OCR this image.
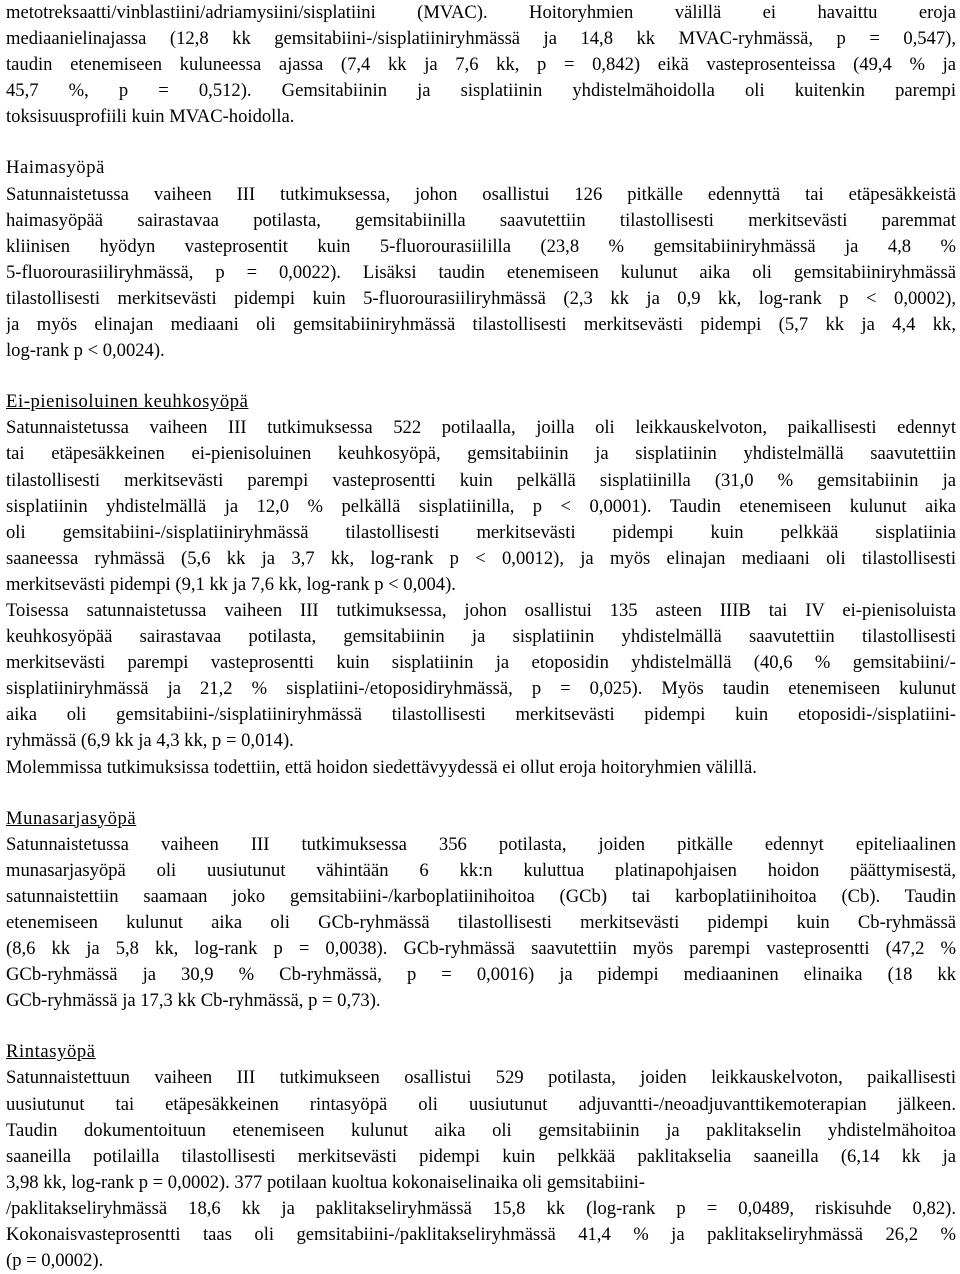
metotreksaatti/vinblastiini/adriamysiini/sisplatiini (MVAC). Hoitoryhmien välillä ei havaittu eroja
mediaanielinajassa (12,8 kk gemsitabiini-/sisplatiiniryhmässä ja 14,8 kk MVAC-ryhmässä, p = 0,547),
taudin etenemiseen kuluneessa ajassa (7,4 kk ja 7,6 kk, p = 0,842) eikä vasteprosenteissa (49,4 % ja
45,7 %, p = 0,512). Gemsitabiinin ja sisplatiinin yhdistelmähoidolla oli kuitenkin parempi
toksisuusprofiili kuin MVAC-hoidolla.
Haimasyöpä
Satunnaistetussa vaiheen III tutkimuksessa, johon osallistui 126 pitkälle edennyttä tai etäpesäkkeistä
haimasyöpää sairastavaa potilasta, gemsitabiinilla saavutettiin tilastollisesti merkitsevästi paremmat
kliinisen hyödyn vasteprosentit kuin 5-fluorourasiililla (23,8 % gemsitabiiniryhmässä ja 4,8 %
5-fluorourasiiliryhmässä, p = 0,0022). Lisäksi taudin etenemiseen kulunut aika oli gemsitabiiniryhmässä
tilastollisesti merkitsevästi pidempi kuin 5-fluorourasiiliryhmässä (2,3 kk ja 0,9 kk, log-rank p < 0,0002),
ja myös elinajan mediaani oli gemsitabiiniryhmässä tilastollisesti merkitsevästi pidempi (5,7 kk ja 4,4 kk,
log-rank p < 0,0024).
Ei-pienisoluinen keuhkosyöpä
Satunnaistetussa vaiheen III tutkimuksessa 522 potilaalla, joilla oli leikkauskelvoton, paikallisesti edennyt
tai etäpesäkkeinen ei-pienisoluinen keuhkosyöpä, gemsitabiinin ja sisplatiinin yhdistelmällä saavutettiin
tilastollisesti merkitsevästi parempi vasteprosentti kuin pelkällä sisplatiinilla (31,0 % gemsitabiinin ja
sisplatiinin yhdistelmällä ja 12,0 % pelkällä sisplatiinilla, p < 0,0001). Taudin etenemiseen kulunut aika
oli gemsitabiini-/sisplatiiniryhmässä tilastollisesti merkitsevästi pidempi kuin pelkkää sisplatiinia
saaneessa ryhmässä (5,6 kk ja 3,7 kk, log-rank p < 0,0012), ja myös elinajan mediaani oli tilastollisesti
merkitsevästi pidempi (9,1 kk ja 7,6 kk, log-rank p < 0,004).
Toisessa satunnaistetussa vaiheen III tutkimuksessa, johon osallistui 135 asteen IIIB tai IV ei-pienisoluista
keuhkosyöpää sairastavaa potilasta, gemsitabiinin ja sisplatiinin yhdistelmällä saavutettiin tilastollisesti
merkitsevästi parempi vasteprosentti kuin sisplatiinin ja etoposidin yhdistelmällä (40,6 % gemsitabiini/-
sisplatiiniryhmässä ja 21,2 % sisplatiini-/etoposidiryhmässä, p = 0,025). Myös taudin etenemiseen kulunut
aika oli gemsitabiini-/sisplatiiniryhmässä tilastollisesti merkitsevästi pidempi kuin etoposidi-/sisplatiini-
ryhmässä (6,9 kk ja 4,3 kk, p = 0,014).
Molemmissa tutkimuksissa todettiin, että hoidon siedettävyydessä ei ollut eroja hoitoryhmien välillä.
Munasarjasyöpä
Satunnaistetussa vaiheen III tutkimuksessa 356 potilasta, joiden pitkälle edennyt epiteliaalinen
munasarjasyöpä oli uusiutunut vähintään 6 kk:n kuluttua platinapohjaisen hoidon päättymisestä,
satunnaistettiin saamaan joko gemsitabiini-/karboplatiinihoitoa (GCb) tai karboplatiinihoitoa (Cb). Taudin
etenemiseen kulunut aika oli GCb-ryhmässä tilastollisesti merkitsevästi pidempi kuin Cb-ryhmässä
(8,6 kk ja 5,8 kk, log-rank p = 0,0038). GCb-ryhmässä saavutettiin myös parempi vasteprosentti (47,2 %
GCb-ryhmässä ja 30,9 % Cb-ryhmässä, p = 0,0016) ja pidempi mediaaninen elinaika (18 kk
GCb-ryhmässä ja 17,3 kk Cb-ryhmässä, p = 0,73).
Rintasyöpä
Satunnaistettuun vaiheen III tutkimukseen osallistui 529 potilasta, joiden leikkauskelvoton, paikallisesti
uusiutunut tai etäpesäkkeinen rintasyöpä oli uusiutunut adjuvantti-/neoadjuvanttikemoterapian jälkeen.
Taudin dokumentoituun etenemiseen kulunut aika oli gemsitabiinin ja paklitakselin yhdistelmähoitoa
saaneilla potilailla tilastollisesti merkitsevästi pidempi kuin pelkkää paklitakselia saaneilla (6,14 kk ja
3,98 kk, log-rank p = 0,0002). 377 potilaan kuoltua kokonaiselinaika oli gemsitabiini-
/paklitakseliryhmässä 18,6 kk ja paklitakseliryhmässä 15,8 kk (log-rank p = 0,0489, riskisuhde 0,82).
Kokonaisvasteprosentti taas oli gemsitabiini-/paklitakseliryhmässä 41,4 % ja paklitakseliryhmässä 26,2 %
(p = 0,0002).
